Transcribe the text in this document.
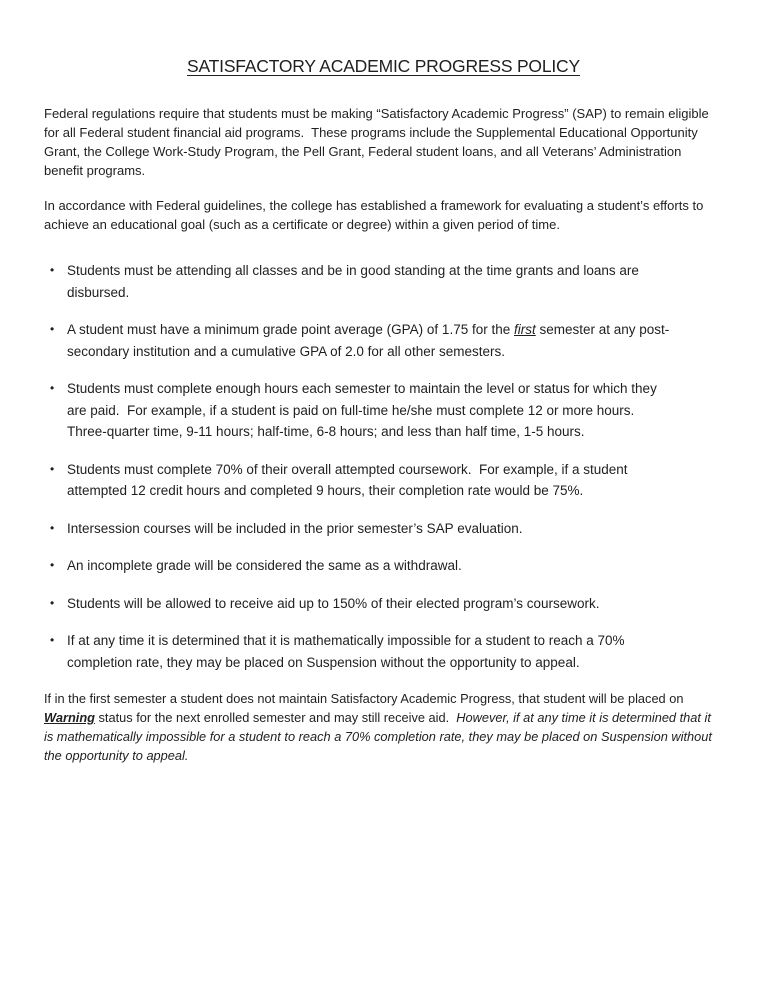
SATISFACTORY ACADEMIC PROGRESS POLICY

Federal regulations require that students must be making “Satisfactory Academic Progress” (SAP) to remain eligible for all Federal student financial aid programs.  These programs include the Supplemental Educational Opportunity Grant, the College Work-Study Program, the Pell Grant, Federal student loans, and all Veterans’ Administration benefit programs.

In accordance with Federal guidelines, the college has established a framework for evaluating a student’s efforts to achieve an educational goal (such as a certificate or degree) within a given period of time.

• Students must be attending all classes and be in good standing at the time grants and loans are disbursed.
• A student must have a minimum grade point average (GPA) of 1.75 for the first semester at any post-secondary institution and a cumulative GPA of 2.0 for all other semesters.
• Students must complete enough hours each semester to maintain the level or status for which they are paid.  For example, if a student is paid on full-time he/she must complete 12 or more hours.  Three-quarter time, 9-11 hours; half-time, 6-8 hours; and less than half time, 1-5 hours.
• Students must complete 70% of their overall attempted coursework.  For example, if a student attempted 12 credit hours and completed 9 hours, their completion rate would be 75%.
• Intersession courses will be included in the prior semester’s SAP evaluation.
• An incomplete grade will be considered the same as a withdrawal.
• Students will be allowed to receive aid up to 150% of their elected program’s coursework.
• If at any time it is determined that it is mathematically impossible for a student to reach a 70% completion rate, they may be placed on Suspension without the opportunity to appeal.

If in the first semester a student does not maintain Satisfactory Academic Progress, that student will be placed on Warning status for the next enrolled semester and may still receive aid.  However, if at any time it is determined that it is mathematically impossible for a student to reach a 70% completion rate, they may be placed on Suspension without the opportunity to appeal.
